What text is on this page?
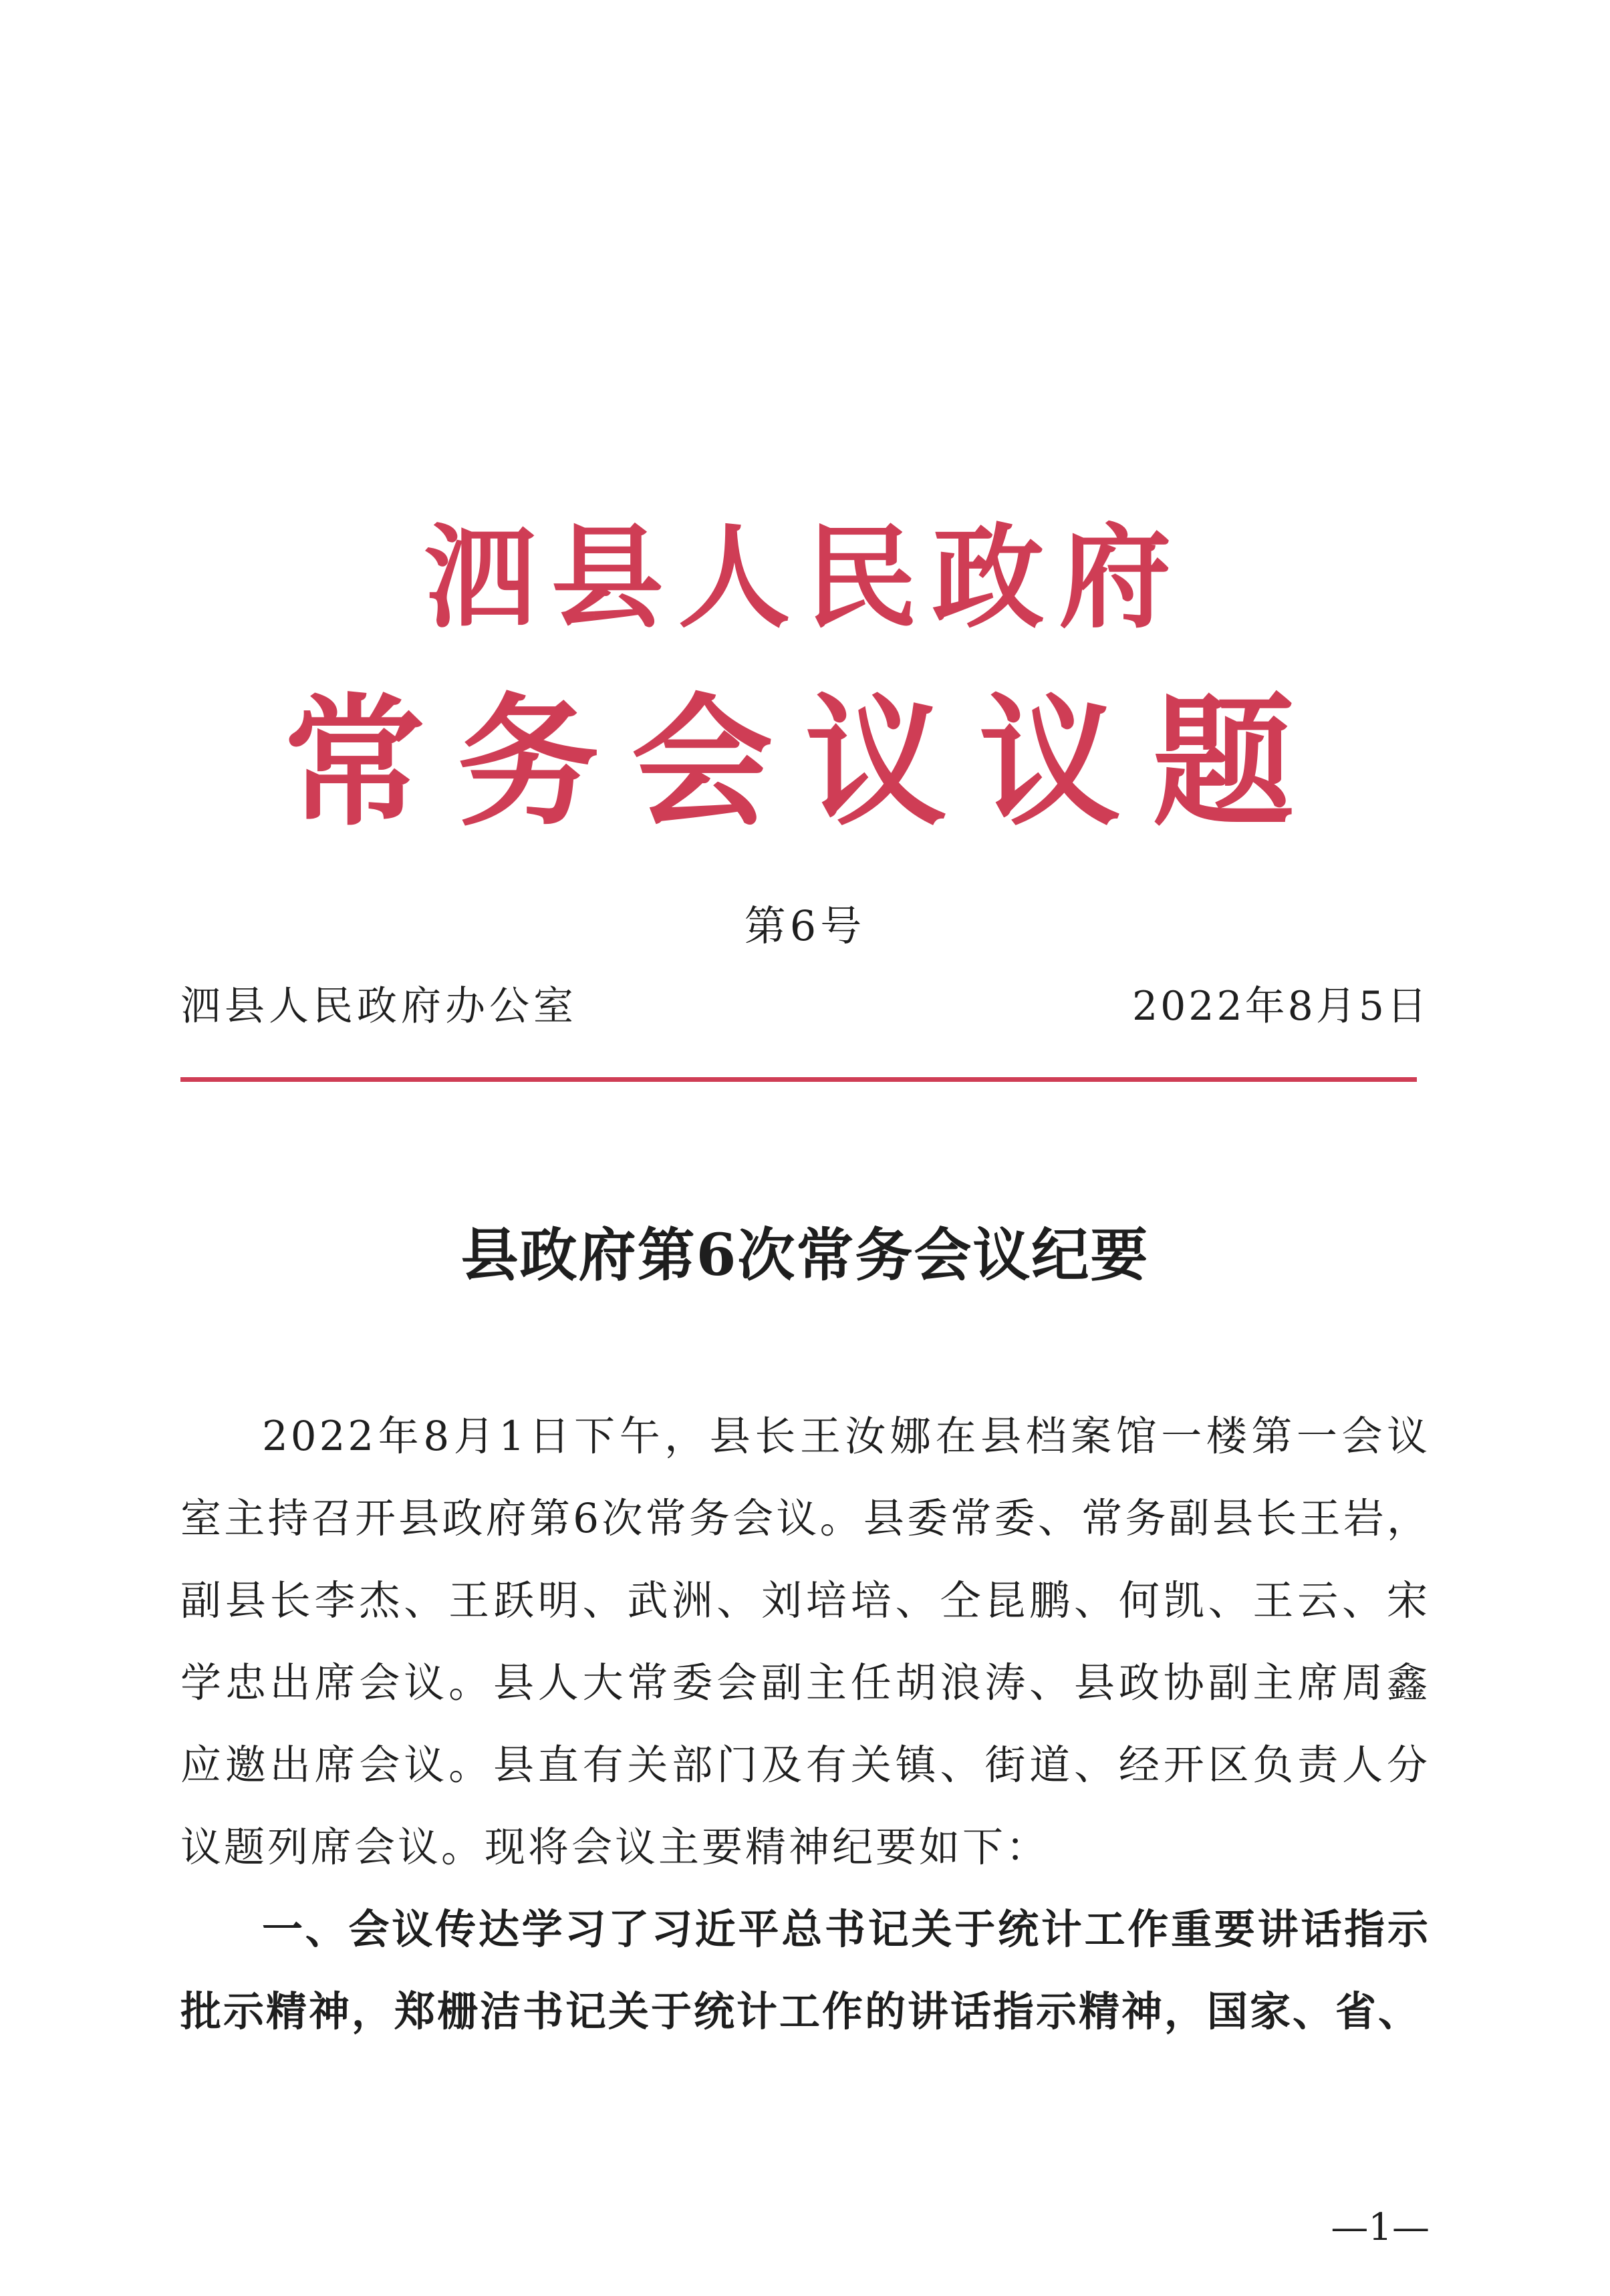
泗县人民政府
常务会议议题
第6号
泗县人民政府办公室	2022年8月5日
县政府第6次常务会议纪要

2022年8月1日下午，县长王汝娜在县档案馆一楼第一会议室主持召开县政府第6次常务会议。县委常委、常务副县长王岩，副县长李杰、王跃明、武洲、刘培培、仝昆鹏、何凯、王云、宋学忠出席会议。县人大常委会副主任胡浪涛、县政协副主席周鑫应邀出席会议。县直有关部门及有关镇、街道、经开区负责人分议题列席会议。现将会议主要精神纪要如下：

一、会议传达学习了习近平总书记关于统计工作重要讲话指示批示精神，郑栅洁书记关于统计工作的讲话指示精神，国家、省、

—1—
